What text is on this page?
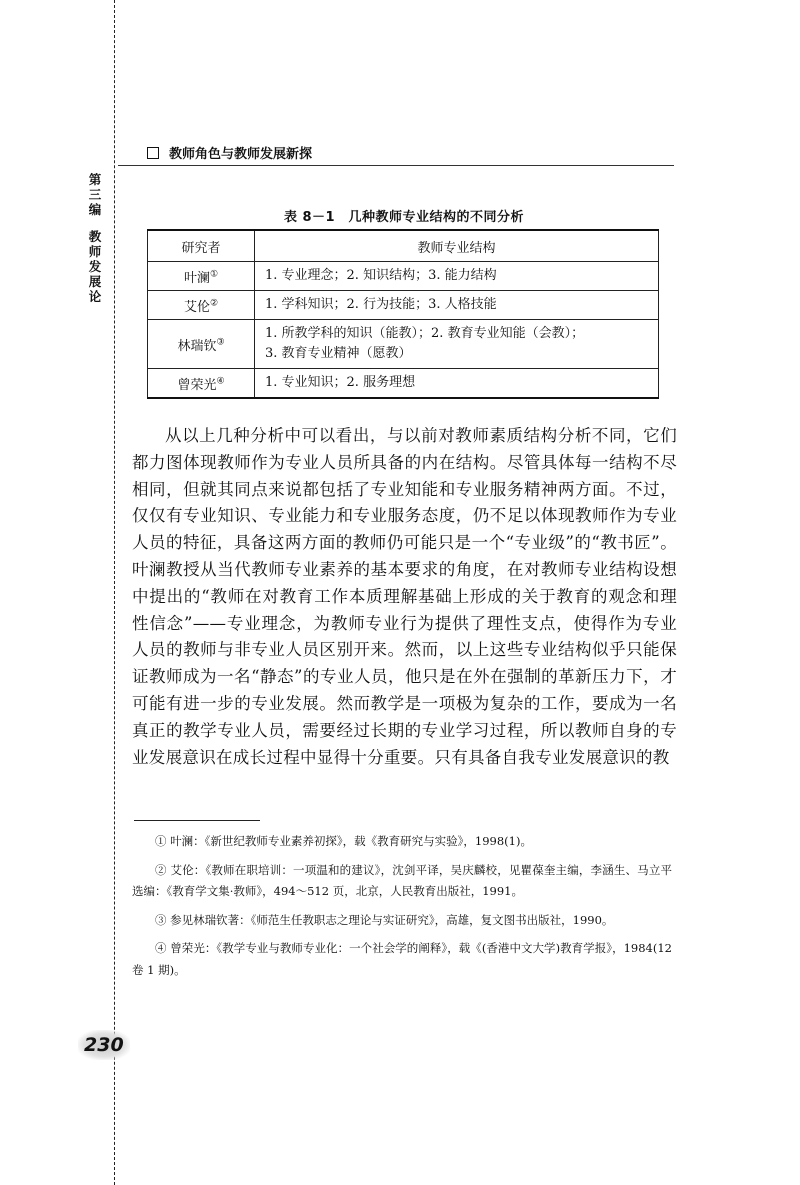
第三编
教师发展论
教师角色与教师发展新探
表 8－1　几种教师专业结构的不同分析
研究者	教师专业结构
叶澜①	1. 专业理念；2. 知识结构；3. 能力结构

艾伦②	1. 学科知识；2. 行为技能；3. 人格技能

林瑞钦③	1. 所教学科的知识（能教）；2. 教育专业知能（会教）；
3. 教育专业精神（愿教）

曾荣光④	1. 专业知识；2. 服务理想

从以上几种分析中可以看出，与以前对教师素质结构分析不同，它们都力图体现教师作为专业人员所具备的内在结构。尽管具体每一结构不尽相同，但就其同点来说都包括了专业知能和专业服务精神两方面。不过，仅仅有专业知识、专业能力和专业服务态度，仍不足以体现教师作为专业人员的特征，具备这两方面的教师仍可能只是一个“专业级”的“教书匠”。叶澜教授从当代教师专业素养的基本要求的角度，在对教师专业结构设想中提出的“教师在对教育工作本质理解基础上形成的关于教育的观念和理性信念”——专业理念，为教师专业行为提供了理性支点，使得作为专业人员的教师与非专业人员区别开来。然而，以上这些专业结构似乎只能保证教师成为一名“静态”的专业人员，他只是在外在强制的革新压力下，才可能有进一步的专业发展。然而教学是一项极为复杂的工作，要成为一名真正的教学专业人员，需要经过长期的专业学习过程，所以教师自身的专业发展意识在成长过程中显得十分重要。只有具备自我专业发展意识的教

① 叶澜：《新世纪教师专业素养初探》，载《教育研究与实验》，1998(1)。

② 艾伦：《教师在职培训：一项温和的建议》，沈剑平译，吴庆麟校，见瞿葆奎主编，李涵生、马立平选编：《教育学文集·教师》，494～512 页，北京，人民教育出版社，1991。

③ 参见林瑞钦著：《师范生任教职志之理论与实证研究》，高雄，复文图书出版社，1990。

④ 曾荣光：《教学专业与教师专业化：一个社会学的阐释》，载《(香港中文大学)教育学报》，1984(12 卷 1 期)。

230
